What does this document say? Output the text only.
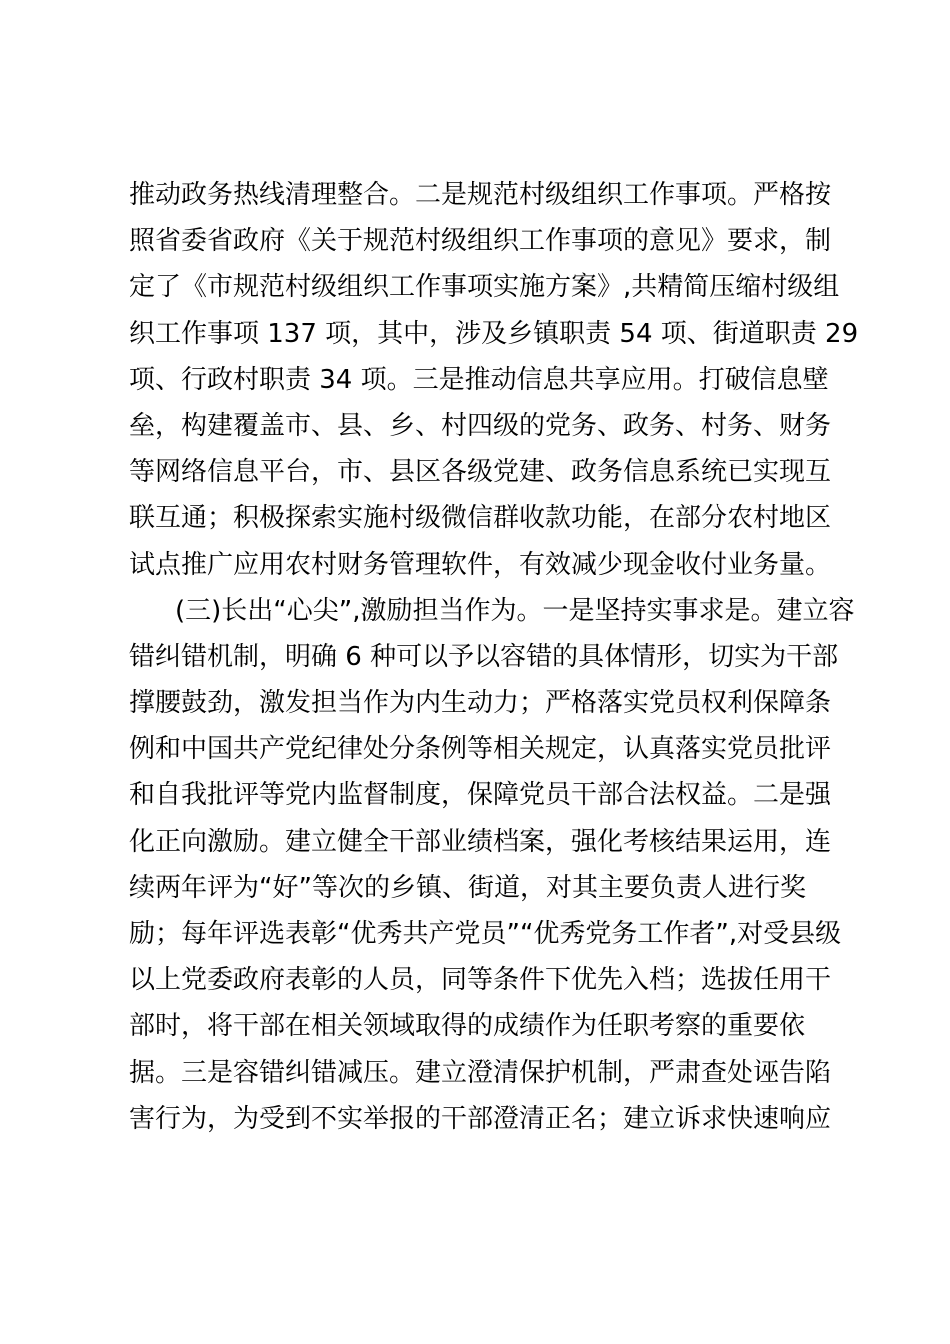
推动政务热线清理整合。二是规范村级组织工作事项。严格按
照省委省政府《关于规范村级组织工作事项的意见》要求，制
定了《市规范村级组织工作事项实施方案》,共精简压缩村级组
织工作事项 137 项，其中，涉及乡镇职责 54 项、街道职责 29
项、行政村职责 34 项。三是推动信息共享应用。打破信息壁
垒，构建覆盖市、县、乡、村四级的党务、政务、村务、财务
等网络信息平台，市、县区各级党建、政务信息系统已实现互
联互通；积极探索实施村级微信群收款功能，在部分农村地区
试点推广应用农村财务管理软件，有效减少现金收付业务量。
(三)长出“心尖”,激励担当作为。一是坚持实事求是。建立容
错纠错机制，明确 6 种可以予以容错的具体情形，切实为干部
撑腰鼓劲，激发担当作为内生动力；严格落实党员权利保障条
例和中国共产党纪律处分条例等相关规定，认真落实党员批评
和自我批评等党内监督制度，保障党员干部合法权益。二是强
化正向激励。建立健全干部业绩档案，强化考核结果运用，连
续两年评为“好”等次的乡镇、街道，对其主要负责人进行奖
励；每年评选表彰“优秀共产党员”“优秀党务工作者”,对受县级
以上党委政府表彰的人员，同等条件下优先入档；选拔任用干
部时，将干部在相关领域取得的成绩作为任职考察的重要依
据。三是容错纠错减压。建立澄清保护机制，严肃查处诬告陷
害行为，为受到不实举报的干部澄清正名；建立诉求快速响应
